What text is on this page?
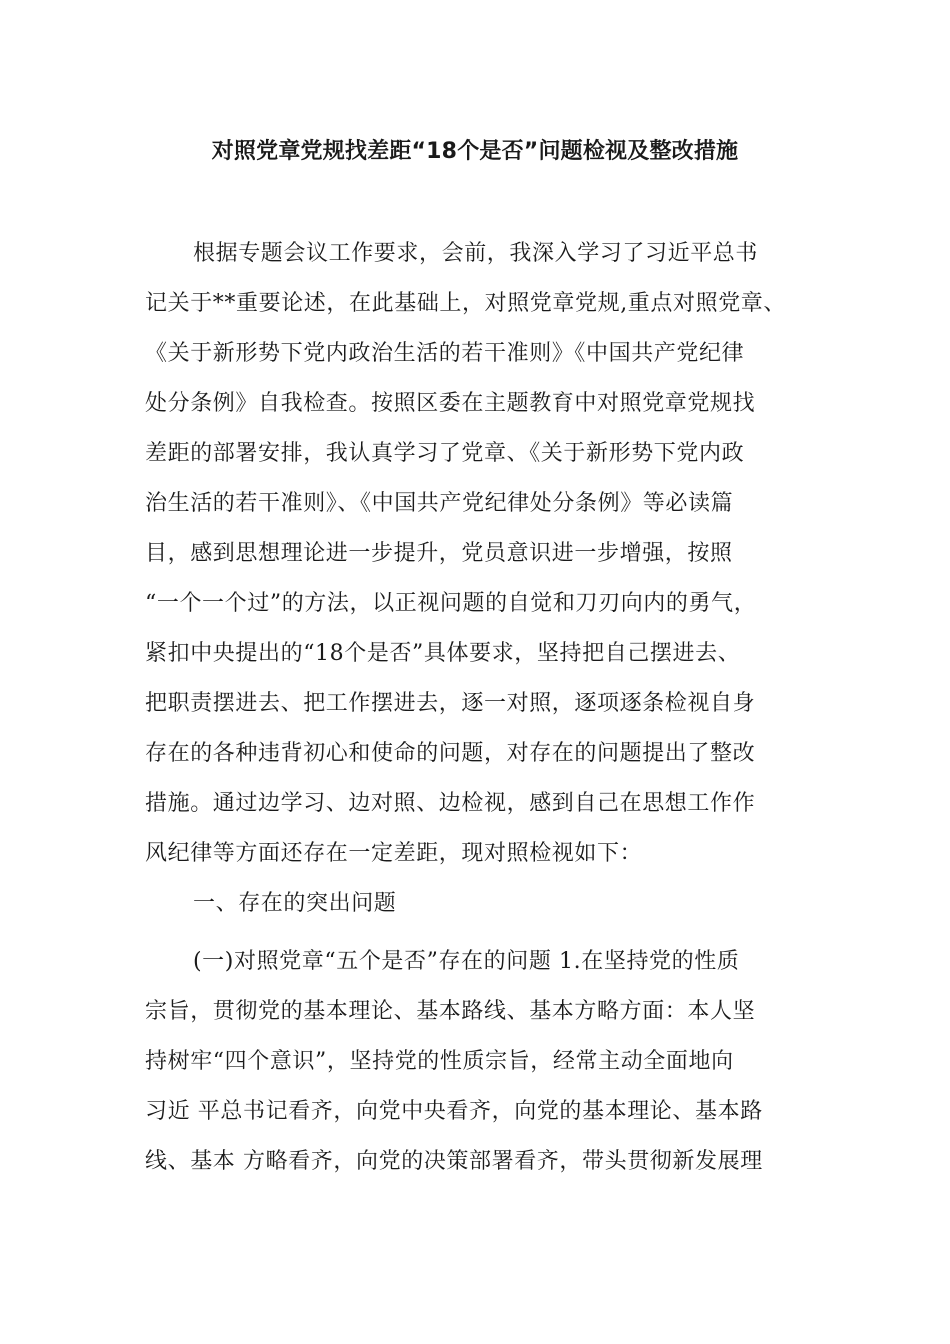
对照党章党规找差距“18个是否”问题检视及整改措施
根据专题会议工作要求，会前，我深入学习了习近平总书
记关于**重要论述，在此基础上，对照党章党规,重点对照党章、
《关于新形势下党内政治生活的若干准则》《中国共产党纪律
处分条例》自我检查。按照区委在主题教育中对照党章党规找
差距的部署安排，我认真学习了党章、《关于新形势下党内政
治生活的若干准则》、《中国共产党纪律处分条例》等必读篇
目，感到思想理论进一步提升，党员意识进一步增强，按照
“一个一个过”的方法，以正视问题的自觉和刀刃向内的勇气，
紧扣中央提出的“18个是否”具体要求，坚持把自己摆进去、
把职责摆进去、把工作摆进去，逐一对照，逐项逐条检视自身
存在的各种违背初心和使命的问题，对存在的问题提出了整改
措施。通过边学习、边对照、边检视，感到自己在思想工作作
风纪律等方面还存在一定差距，现对照检视如下：
一、存在的突出问题
(一)对照党章“五个是否”存在的问题 1.在坚持党的性质
宗旨，贯彻党的基本理论、基本路线、基本方略方面：本人坚
持树牢“四个意识”，坚持党的性质宗旨，经常主动全面地向
习近 平总书记看齐，向党中央看齐，向党的基本理论、基本路
线、基本 方略看齐，向党的决策部署看齐，带头贯彻新发展理
